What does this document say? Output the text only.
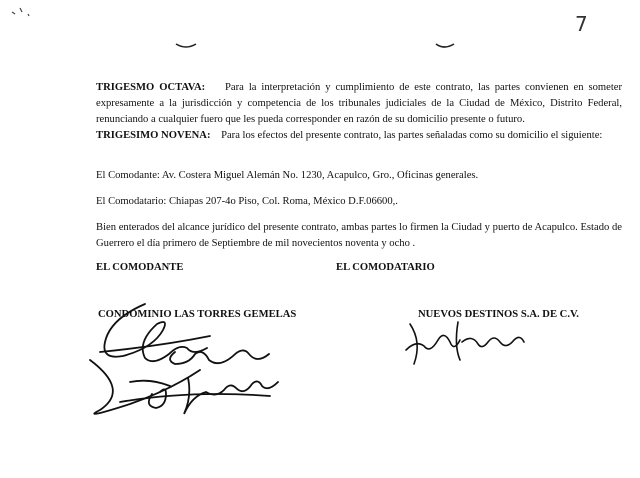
7

TRIGESMO OCTAVA: Para la interpretación y cumplimiento de este contrato, las partes convienen en someter expresamente a la jurisdicción y competencia de los tribunales judiciales de la Ciudad de México, Distrito Federal, renunciando a cualquier fuero que les pueda corresponder en razón de su domicilio presente o futuro.

TRIGESIMO NOVENA: Para los efectos del presente contrato, las partes señaladas como su domicilio el siguiente:

El Comodante: Av. Costera Miguel Alemán No. 1230, Acapulco, Gro., Oficinas generales.

El Comodatario: Chiapas 207-4o Piso, Col. Roma, México D.F.06600,.

Bien enterados del alcance jurídico del presente contrato, ambas partes lo firmen la Ciudad y puerto de Acapulco. Estado de Guerrero el día primero de Septiembre de mil novecientos noventa y ocho .

EL COMODANTE	EL COMODATARIO
CONDOMINIO LAS TORRES GEMELAS	NUEVOS DESTINOS S.A. DE C.V.
